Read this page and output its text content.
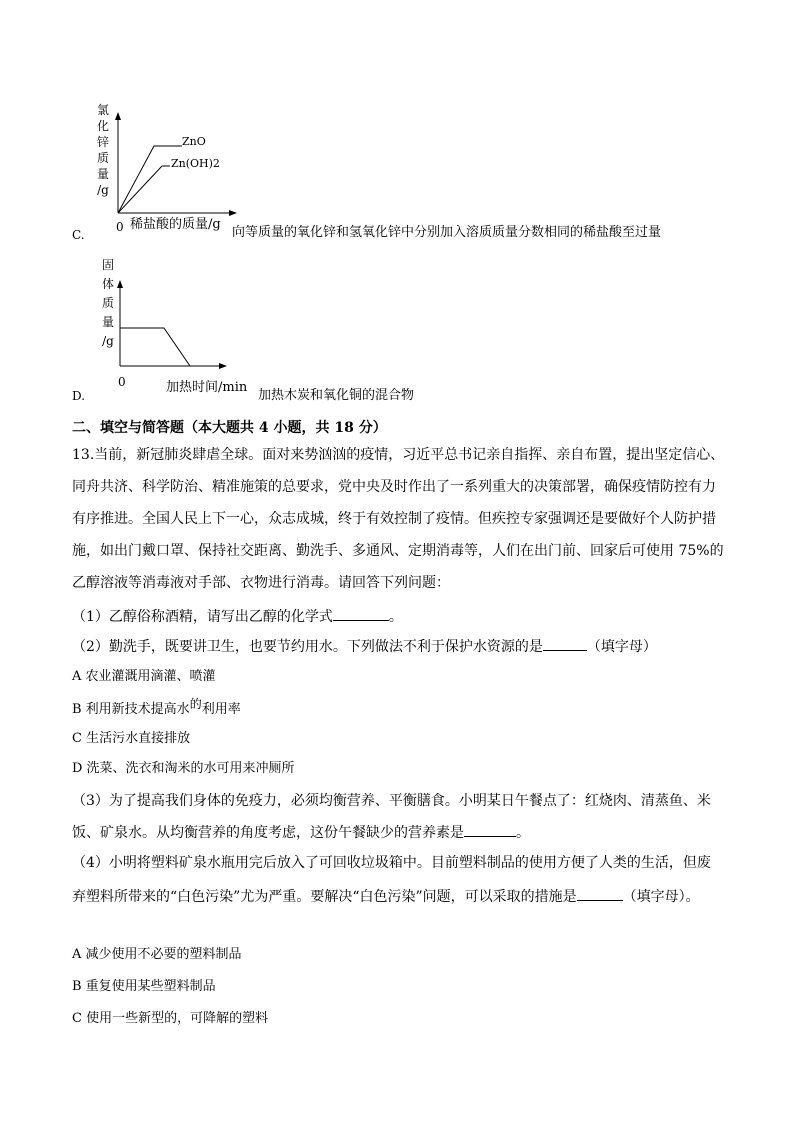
氯
化
锌
质
量
/g
ZnO
Zn(OH)2
0
C.
稀盐酸的质量/g
向等质量的氧化锌和氢氧化锌中分别加入溶质质量分数相同的稀盐酸至过量
固
体
质
量
/g
0
D.
加热时间/min
加热木炭和氧化铜的混合物
二、填空与简答题（本大题共 4 小题，共 18 分）
13.当前，新冠肺炎肆虐全球。面对来势汹汹的疫情，习近平总书记亲自指挥、亲自布置，提出坚定信心、
同舟共济、科学防治、精准施策的总要求，党中央及时作出了一系列重大的决策部署，确保疫情防控有力
有序推进。全国人民上下一心，众志成城，终于有效控制了疫情。但疾控专家强调还是要做好个人防护措
施，如出门戴口罩、保持社交距离、勤洗手、多通风、定期消毒等，人们在出门前、回家后可使用 75%的
乙醇溶液等消毒液对手部、衣物进行消毒。请回答下列问题：
（1）乙醇俗称酒精，请写出乙醇的化学式	。
（2）勤洗手，既要讲卫生，也要节约用水。下列做法不利于保护水资源的是	（填字母）
A 农业灌溉用滴灌、喷灌
B 利用新技术提高水的利用率
C 生活污水直接排放
D 洗菜、洗衣和淘米的水可用来冲厕所
（3）为了提高我们身体的免疫力，必须均衡营养、平衡膳食。小明某日午餐点了：红烧肉、清蒸鱼、米
饭、矿泉水。从均衡营养的角度考虑，这份午餐缺少的营养素是	。
（4）小明将塑料矿泉水瓶用完后放入了可回收垃圾箱中。目前塑料制品的使用方便了人类的生活，但废
弃塑料所带来的“白色污染”尤为严重。要解决“白色污染”问题，可以采取的措施是	（填字母）。
A 减少使用不必要的塑料制品
B 重复使用某些塑料制品
C 使用一些新型的，可降解的塑料
